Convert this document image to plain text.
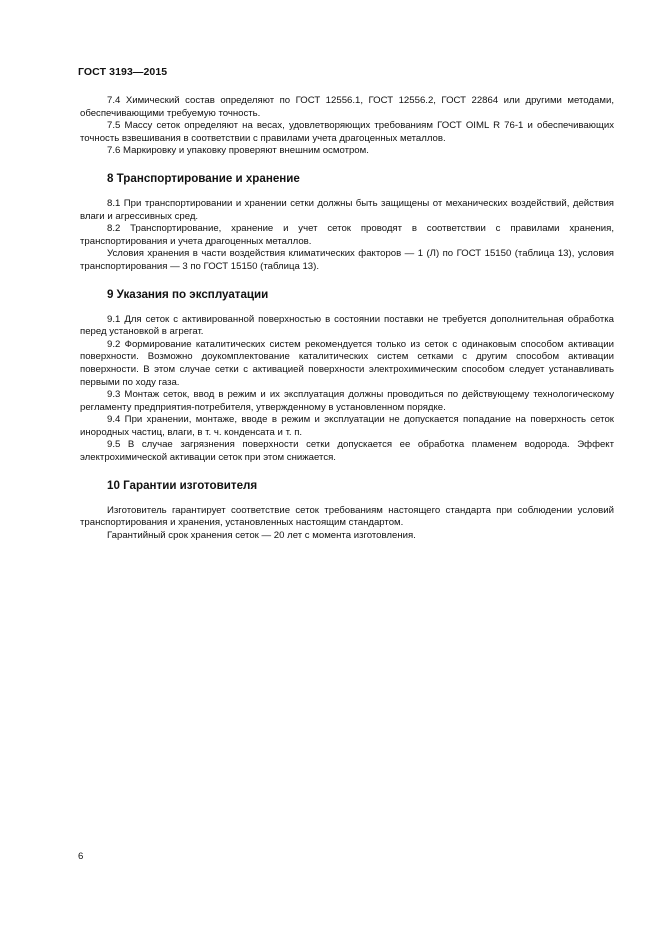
ГОСТ 3193—2015

7.4 Химический состав определяют по ГОСТ 12556.1, ГОСТ 12556.2, ГОСТ 22864 или другими методами, обеспечивающими требуемую точность.

7.5 Массу сеток определяют на весах, удовлетворяющих требованиям ГОСТ OIML R 76-1 и обеспечивающих точность взвешивания в соответствии с правилами учета драгоценных металлов.

7.6 Маркировку и упаковку проверяют внешним осмотром.

8 Транспортирование и хранение

8.1 При транспортировании и хранении сетки должны быть защищены от механических воздействий, действия влаги и агрессивных сред.

8.2 Транспортирование, хранение и учет сеток проводят в соответствии с правилами хранения, транспортирования и учета драгоценных металлов.

Условия хранения в части воздействия климатических факторов — 1 (Л) по ГОСТ 15150 (таблица 13), условия транспортирования — 3 по ГОСТ 15150 (таблица 13).

9 Указания по эксплуатации

9.1 Для сеток с активированной поверхностью в состоянии поставки не требуется дополнительная обработка перед установкой в агрегат.

9.2 Формирование каталитических систем рекомендуется только из сеток с одинаковым способом активации поверхности. Возможно доукомплектование каталитических систем сетками с другим способом активации поверхности. В этом случае сетки с активацией поверхности электрохимическим способом следует устанавливать первыми по ходу газа.

9.3 Монтаж сеток, ввод в режим и их эксплуатация должны проводиться по действующему технологическому регламенту предприятия-потребителя, утвержденному в установленном порядке.

9.4 При хранении, монтаже, вводе в режим и эксплуатации не допускается попадание на поверхность сеток инородных частиц, влаги, в т. ч. конденсата и т. п.

9.5 В случае загрязнения поверхности сетки допускается ее обработка пламенем водорода. Эффект электрохимической активации сеток при этом снижается.

10 Гарантии изготовителя

Изготовитель гарантирует соответствие сеток требованиям настоящего стандарта при соблюдении условий транспортирования и хранения, установленных настоящим стандартом.

Гарантийный срок хранения сеток — 20 лет с момента изготовления.

6
